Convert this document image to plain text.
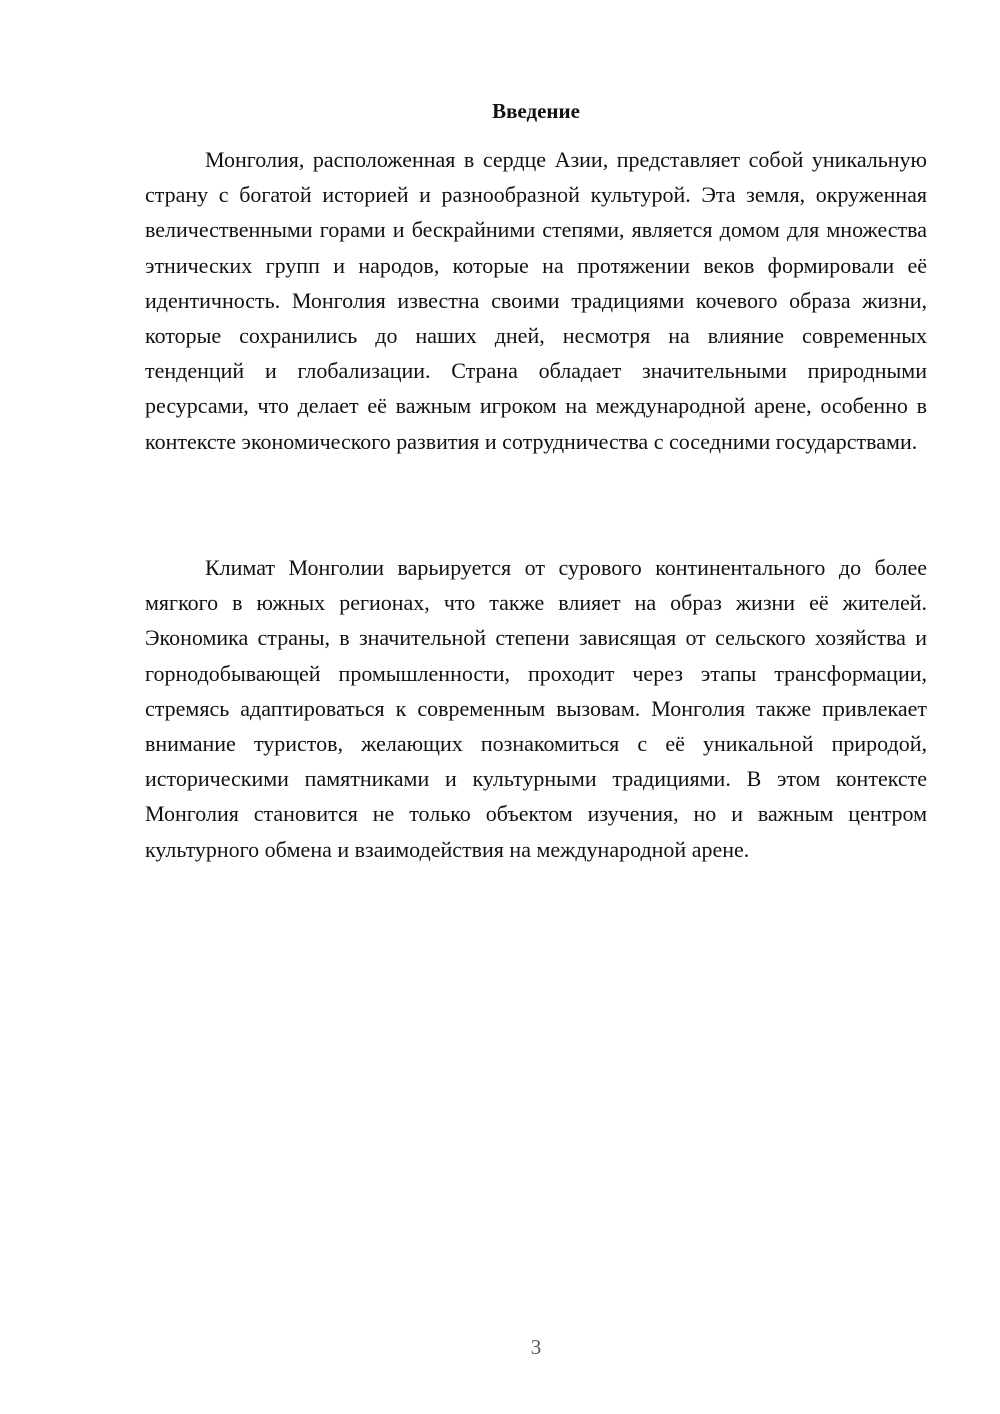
Введение

Монголия, расположенная в сердце Азии, представляет собой уникальную страну с богатой историей и разнообразной культурой. Эта земля, окруженная величественными горами и бескрайними степями, является домом для множества этнических групп и народов, которые на протяжении веков формировали её идентичность. Монголия известна своими традициями кочевого образа жизни, которые сохранились до наших дней, несмотря на влияние современных тенденций и глобализации. Страна обладает значительными природными ресурсами, что делает её важным игроком на международной арене, особенно в контексте экономического развития и сотрудничества с соседними государствами.

Климат Монголии варьируется от сурового континентального до более мягкого в южных регионах, что также влияет на образ жизни её жителей. Экономика страны, в значительной степени зависящая от сельского хозяйства и горнодобывающей промышленности, проходит через этапы трансформации, стремясь адаптироваться к современным вызовам. Монголия также привлекает внимание туристов, желающих познакомиться с её уникальной природой, историческими памятниками и культурными традициями. В этом контексте Монголия становится не только объектом изучения, но и важным центром культурного обмена и взаимодействия на международной арене.

3
